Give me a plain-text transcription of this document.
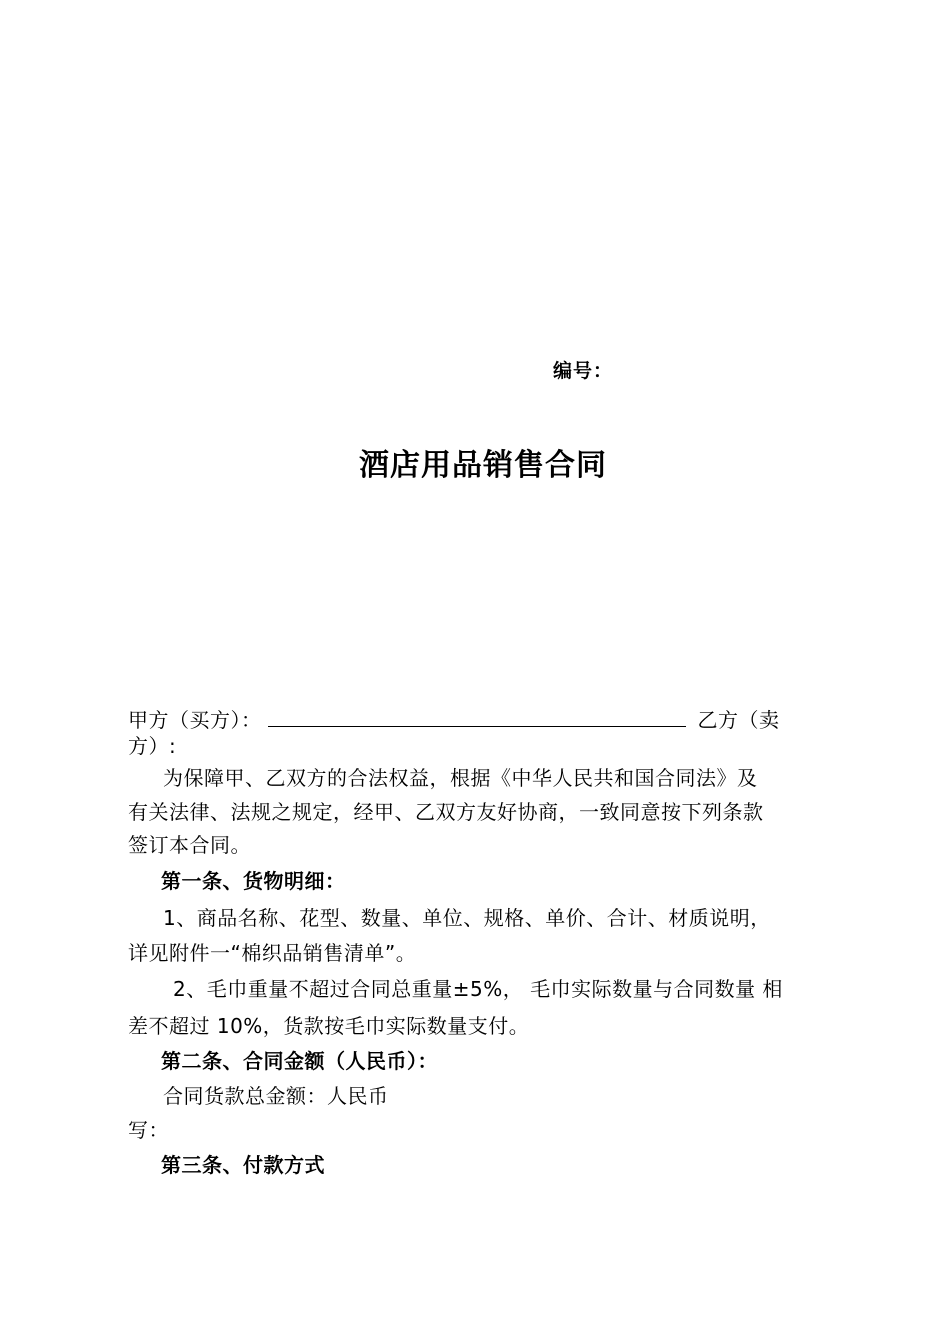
编号：
酒店用品销售合同
甲方（买方）：	乙方（卖
方）:
为保障甲、乙双方的合法权益，根据《中华人民共和国合同法》及
有关法律、法规之规定，经甲、乙双方友好协商，一致同意按下列条款
签订本合同。
第一条、货物明细：
1、商品名称、花型、数量、单位、规格、单价、合计、材质说明，
详见附件一“棉织品销售清单”。
2、毛巾重量不超过合同总重量±5%， 毛巾实际数量与合同数量 相
差不超过 10%，货款按毛巾实际数量支付。
第二条、合同金额（人民币）：
合同货款总金额：人民币
写：
第三条、付款方式
